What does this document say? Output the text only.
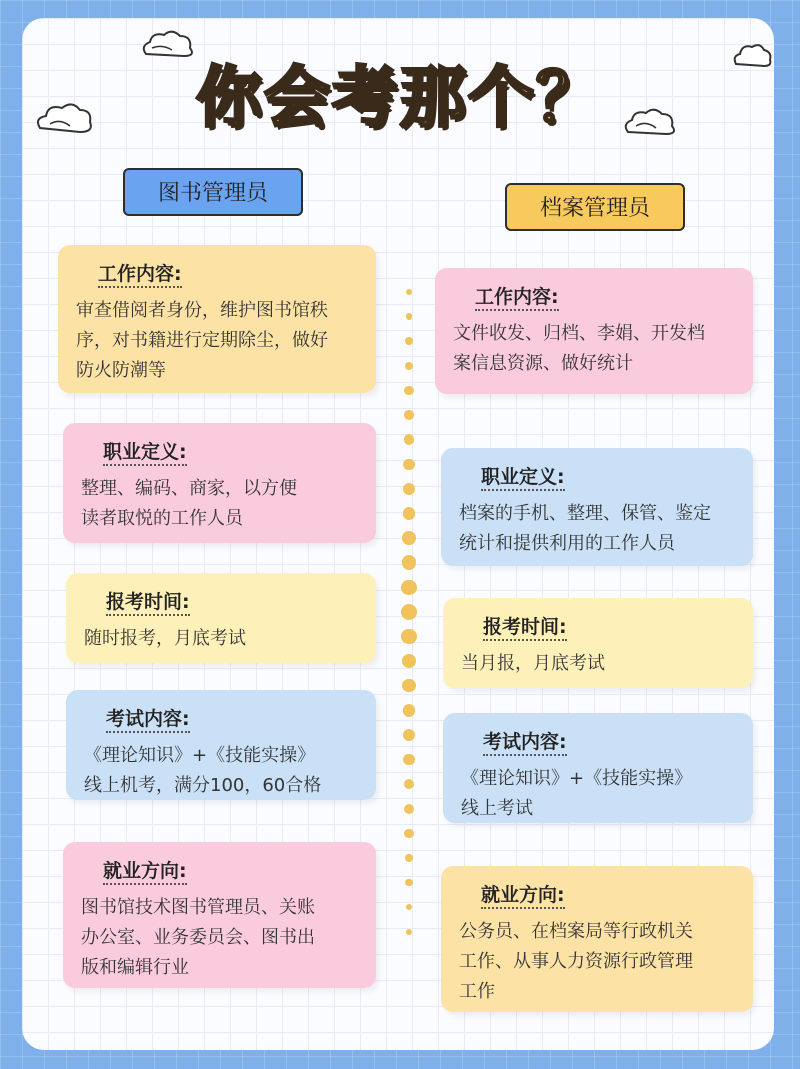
你会考那个？
图书管理员
档案管理员
工作内容:
审查借阅者身份，维护图书馆秩
序，对书籍进行定期除尘，做好
防火防潮等
职业定义:
整理、编码、商家，以方便
读者取悦的工作人员
报考时间:
随时报考，月底考试
考试内容:
《理论知识》+《技能实操》
线上机考，满分100，60合格
就业方向:
图书馆技术图书管理员、关账
办公室、业务委员会、图书出
版和编辑行业
工作内容:
文件收发、归档、李娟、开发档
案信息资源、做好统计
职业定义:
档案的手机、整理、保管、鉴定
统计和提供利用的工作人员
报考时间:
当月报，月底考试
考试内容:
《理论知识》+《技能实操》
线上考试
就业方向:
公务员、在档案局等行政机关
工作、从事人力资源行政管理
工作
